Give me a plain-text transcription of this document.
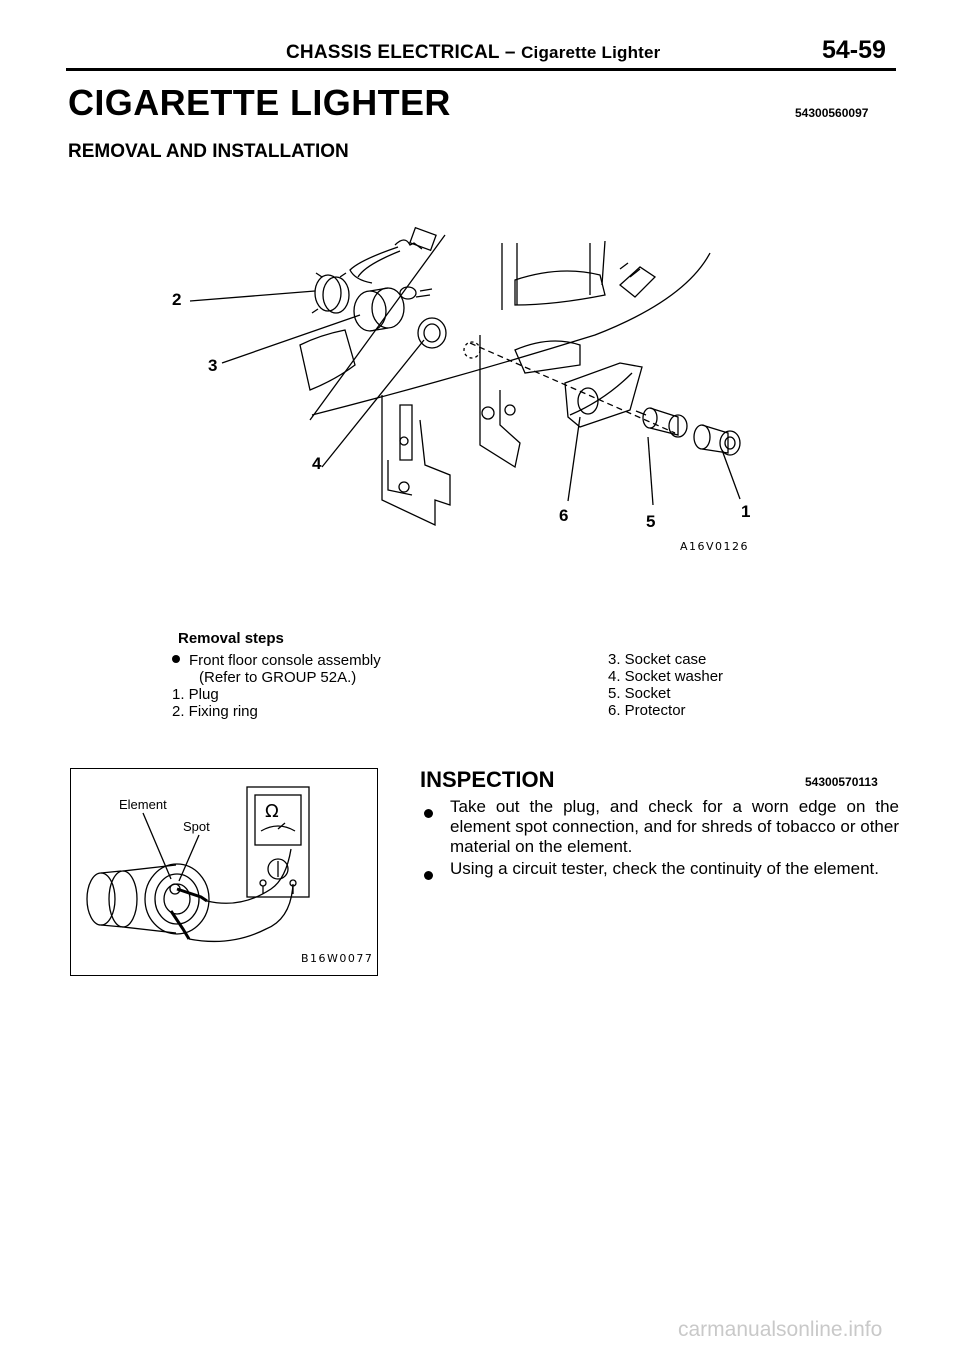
CHASSIS ELECTRICAL – Cigarette Lighter	54-59
CIGARETTE LIGHTER	54300560097
REMOVAL AND INSTALLATION
2
3
4
6	5
1
A16V0126
Removal steps
Front floor console assembly
(Refer to GROUP 52A.)
1. Plug
2. Fixing ring
3. Socket case
4. Socket washer
5. Socket
6. Protector
Element
Spot
Ω
B16W0077
INSPECTION	54300570113
Take out the plug, and check for a worn edge on the element spot connection, and for shreds of tobacco or other material on the element.
Using a circuit tester, check the continuity of the element.
carmanualsonline.info
